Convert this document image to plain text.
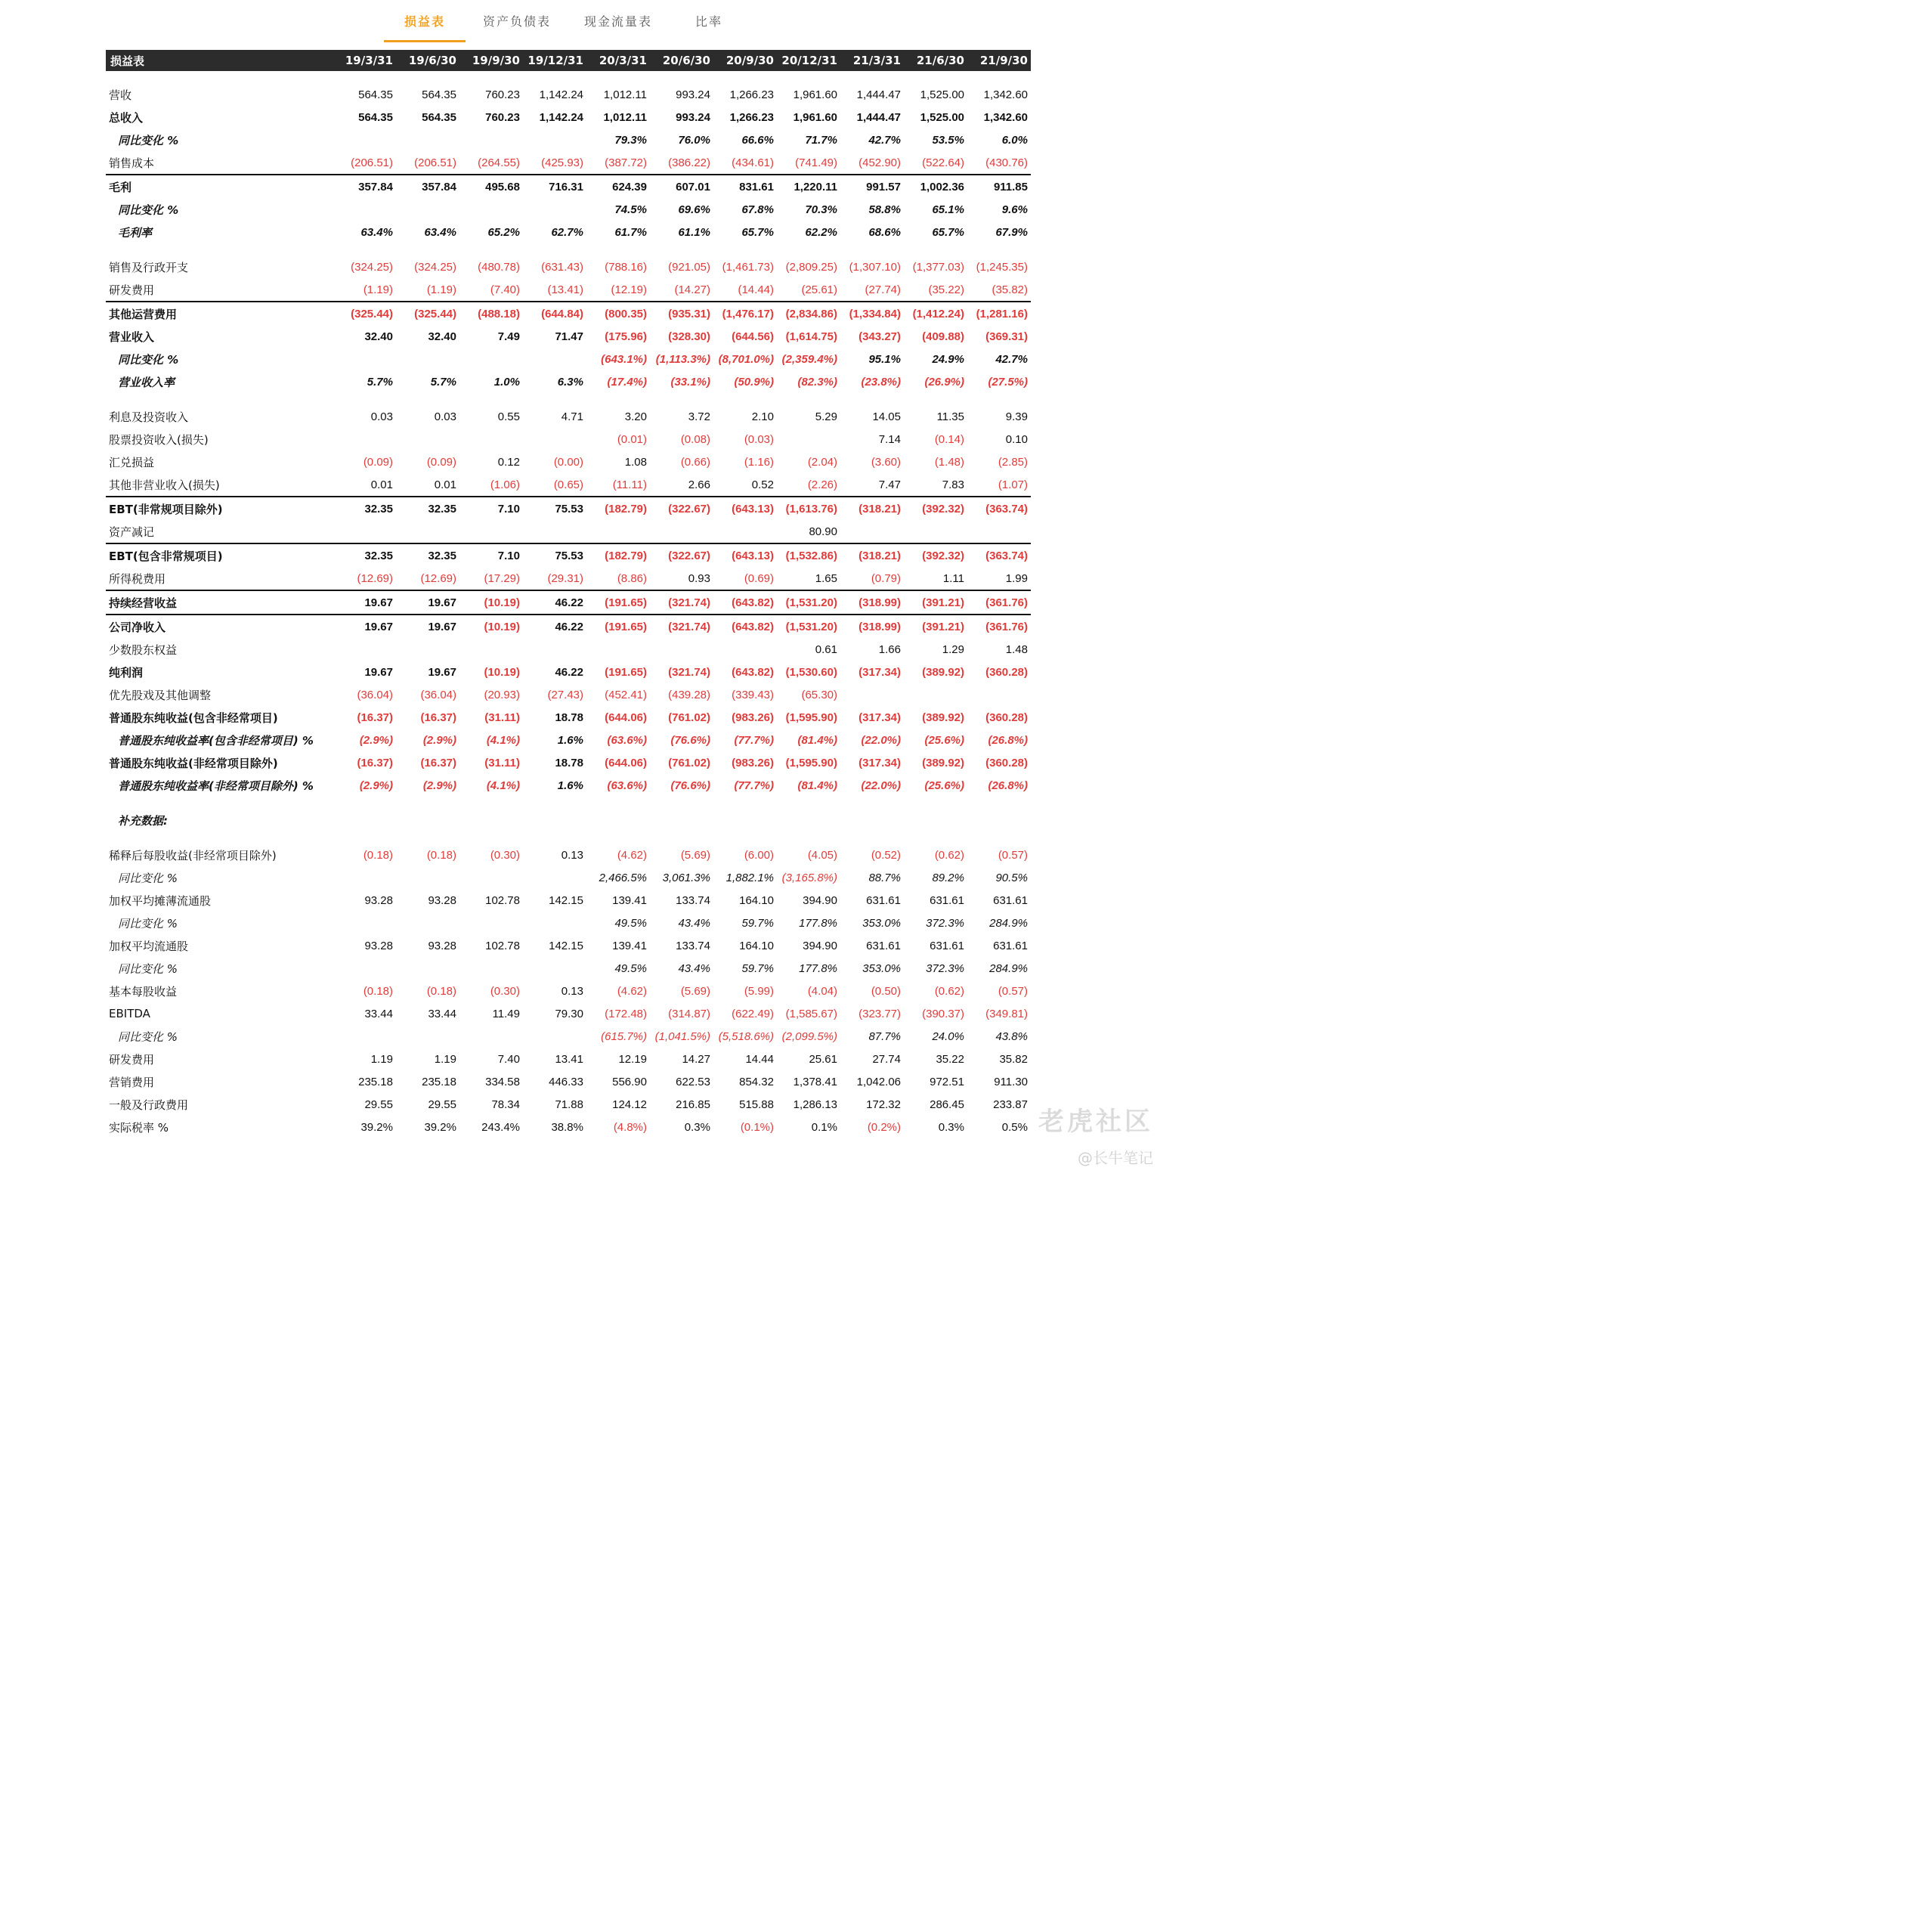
损益表	资产负债表	现金流量表	比率
损益表	19/3/31	19/6/30	19/9/30	19/12/31	20/3/31	20/6/30	20/9/30	20/12/31	21/3/31	21/6/30	21/9/30

营收	564.35	564.35	760.23	1,142.24	1,012.11	993.24	1,266.23	1,961.60	1,444.47	1,525.00	1,342.60
总收入	564.35	564.35	760.23	1,142.24	1,012.11	993.24	1,266.23	1,961.60	1,444.47	1,525.00	1,342.60
同比变化 %					79.3%	76.0%	66.6%	71.7%	42.7%	53.5%	6.0%
销售成本	(206.51)	(206.51)	(264.55)	(425.93)	(387.72)	(386.22)	(434.61)	(741.49)	(452.90)	(522.64)	(430.76)
毛利	357.84	357.84	495.68	716.31	624.39	607.01	831.61	1,220.11	991.57	1,002.36	911.85
同比变化 %					74.5%	69.6%	67.8%	70.3%	58.8%	65.1%	9.6%
毛利率	63.4%	63.4%	65.2%	62.7%	61.7%	61.1%	65.7%	62.2%	68.6%	65.7%	67.9%

销售及行政开支	(324.25)	(324.25)	(480.78)	(631.43)	(788.16)	(921.05)	(1,461.73)	(2,809.25)	(1,307.10)	(1,377.03)	(1,245.35)
研发费用	(1.19)	(1.19)	(7.40)	(13.41)	(12.19)	(14.27)	(14.44)	(25.61)	(27.74)	(35.22)	(35.82)
其他运营费用	(325.44)	(325.44)	(488.18)	(644.84)	(800.35)	(935.31)	(1,476.17)	(2,834.86)	(1,334.84)	(1,412.24)	(1,281.16)
营业收入	32.40	32.40	7.49	71.47	(175.96)	(328.30)	(644.56)	(1,614.75)	(343.27)	(409.88)	(369.31)
同比变化 %					(643.1%)	(1,113.3%)	(8,701.0%)	(2,359.4%)	95.1%	24.9%	42.7%
营业收入率	5.7%	5.7%	1.0%	6.3%	(17.4%)	(33.1%)	(50.9%)	(82.3%)	(23.8%)	(26.9%)	(27.5%)

利息及投资收入	0.03	0.03	0.55	4.71	3.20	3.72	2.10	5.29	14.05	11.35	9.39
股票投资收入(损失)					(0.01)	(0.08)	(0.03)		7.14	(0.14)	0.10
汇兑损益	(0.09)	(0.09)	0.12	(0.00)	1.08	(0.66)	(1.16)	(2.04)	(3.60)	(1.48)	(2.85)
其他非营业收入(损失)	0.01	0.01	(1.06)	(0.65)	(11.11)	2.66	0.52	(2.26)	7.47	7.83	(1.07)
EBT(非常规项目除外)	32.35	32.35	7.10	75.53	(182.79)	(322.67)	(643.13)	(1,613.76)	(318.21)	(392.32)	(363.74)
资产减记								80.90			
EBT(包含非常规项目)	32.35	32.35	7.10	75.53	(182.79)	(322.67)	(643.13)	(1,532.86)	(318.21)	(392.32)	(363.74)
所得税费用	(12.69)	(12.69)	(17.29)	(29.31)	(8.86)	0.93	(0.69)	1.65	(0.79)	1.11	1.99
持续经营收益	19.67	19.67	(10.19)	46.22	(191.65)	(321.74)	(643.82)	(1,531.20)	(318.99)	(391.21)	(361.76)
公司净收入	19.67	19.67	(10.19)	46.22	(191.65)	(321.74)	(643.82)	(1,531.20)	(318.99)	(391.21)	(361.76)
少数股东权益								0.61	1.66	1.29	1.48
纯利润	19.67	19.67	(10.19)	46.22	(191.65)	(321.74)	(643.82)	(1,530.60)	(317.34)	(389.92)	(360.28)
优先股戏及其他调整	(36.04)	(36.04)	(20.93)	(27.43)	(452.41)	(439.28)	(339.43)	(65.30)			
普通股东纯收益(包含非经常项目)	(16.37)	(16.37)	(31.11)	18.78	(644.06)	(761.02)	(983.26)	(1,595.90)	(317.34)	(389.92)	(360.28)
普通股东纯收益率(包含非经常项目) %	(2.9%)	(2.9%)	(4.1%)	1.6%	(63.6%)	(76.6%)	(77.7%)	(81.4%)	(22.0%)	(25.6%)	(26.8%)
普通股东纯收益(非经常项目除外)	(16.37)	(16.37)	(31.11)	18.78	(644.06)	(761.02)	(983.26)	(1,595.90)	(317.34)	(389.92)	(360.28)
普通股东纯收益率(非经常项目除外) %	(2.9%)	(2.9%)	(4.1%)	1.6%	(63.6%)	(76.6%)	(77.7%)	(81.4%)	(22.0%)	(25.6%)	(26.8%)

补充数据:											

稀释后每股收益(非经常项目除外)	(0.18)	(0.18)	(0.30)	0.13	(4.62)	(5.69)	(6.00)	(4.05)	(0.52)	(0.62)	(0.57)
同比变化 %					2,466.5%	3,061.3%	1,882.1%	(3,165.8%)	88.7%	89.2%	90.5%
加权平均摊薄流通股	93.28	93.28	102.78	142.15	139.41	133.74	164.10	394.90	631.61	631.61	631.61
同比变化 %					49.5%	43.4%	59.7%	177.8%	353.0%	372.3%	284.9%
加权平均流通股	93.28	93.28	102.78	142.15	139.41	133.74	164.10	394.90	631.61	631.61	631.61
同比变化 %					49.5%	43.4%	59.7%	177.8%	353.0%	372.3%	284.9%
基本每股收益	(0.18)	(0.18)	(0.30)	0.13	(4.62)	(5.69)	(5.99)	(4.04)	(0.50)	(0.62)	(0.57)
EBITDA	33.44	33.44	11.49	79.30	(172.48)	(314.87)	(622.49)	(1,585.67)	(323.77)	(390.37)	(349.81)
同比变化 %					(615.7%)	(1,041.5%)	(5,518.6%)	(2,099.5%)	87.7%	24.0%	43.8%
研发费用	1.19	1.19	7.40	13.41	12.19	14.27	14.44	25.61	27.74	35.22	35.82
营销费用	235.18	235.18	334.58	446.33	556.90	622.53	854.32	1,378.41	1,042.06	972.51	911.30
一般及行政费用	29.55	29.55	78.34	71.88	124.12	216.85	515.88	1,286.13	172.32	286.45	233.87
实际税率 %	39.2%	39.2%	243.4%	38.8%	(4.8%)	0.3%	(0.1%)	0.1%	(0.2%)	0.3%	0.5% 老虎社区
@长牛笔记
